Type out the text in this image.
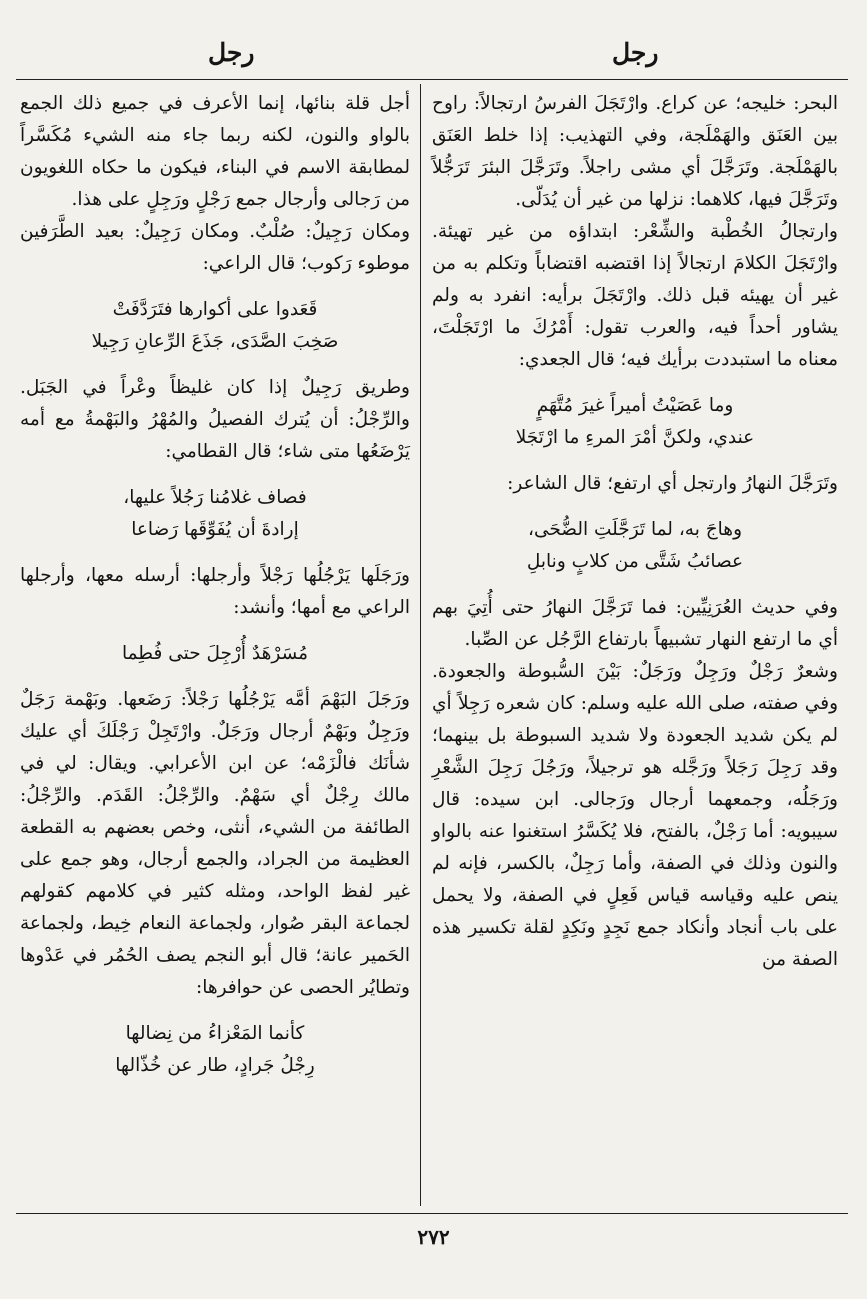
رجل
رجل

البحر: خليجه؛ عن كراع. وارْتَجَلَ الفرسُ ارتجالاً: راوح بين العَنَق والهَمْلَجة، وفي التهذيب: إذا خلط العَنَق بالهَمْلَجة. وتَرَجَّلَ أي مشى راجلاً. وتَرَجَّلَ البئرَ تَرَجُّلاً وتَرَجَّلَ فيها، كلاهما: نزلها من غير أن يُدَلّى.

وارتجالُ الخُطْبة والشِّعْر: ابتداؤه من غير تهيئة. وارْتَجَلَ الكلامَ ارتجالاً إذا اقتضبه اقتضاباً وتكلم به من غير أن يهيئه قبل ذلك. وارْتَجَلَ برأيه: انفرد به ولم يشاور أحداً فيه، والعرب تقول: أَمْرُكَ ما ارْتَجَلْتَ، معناه ما استبددت برأيك فيه؛ قال الجعدي:

وما عَصَيْتُ أميراً غيرَ مُتَّهَمٍ
عندي، ولكنَّ أمْرَ المرءِ ما ارْتَجَلا

وتَرَجَّلَ النهارُ وارتجل أي ارتفع؛ قال الشاعر:

وهاجَ به، لما تَرَجَّلَتِ الضُّحَى،
عصائبُ شَتَّى من كلابٍ ونابلِ

وفي حديث العُرَنِيِّين: فما تَرَجَّلَ النهارُ حتى أُتِيَ بهم أي ما ارتفع النهار تشبيهاً بارتفاع الرَّجُل عن الصِّبا.

وشعرٌ رَجْلٌ ورَجِلٌ ورَجَلٌ: بَيْنَ السُّبوطة والجعودة. وفي صفته، صلى الله عليه وسلم: كان شعره رَجِلاً أي لم يكن شديد الجعودة ولا شديد السبوطة بل بينهما؛ وقد رَجِلَ رَجَلاً ورَجَّله هو ترجيلاً، ورَجُلَ رَجِلَ الشَّعْرِ ورَجَلُه، وجمعهما أرجال ورَجالى. ابن سيده: قال سيبويه: أما رَجْلٌ، بالفتح، فلا يُكَسَّرُ استغنوا عنه بالواو والنون وذلك في الصفة، وأما رَجِلٌ، بالكسر، فإنه لم ينص عليه وقياسه قياس فَعِلٍ في الصفة، ولا يحمل على باب أنجاد وأنكاد جمع نَجِدٍ ونَكِدٍ لقلة تكسير هذه الصفة من

أجل قلة بنائها، إنما الأعرف في جميع ذلك الجمع بالواو والنون، لكنه ربما جاء منه الشيء مُكَسَّراً لمطابقة الاسم في البناء، فيكون ما حكاه اللغويون من رَجالى وأرجال جمع رَجْلٍ ورَجِلٍ على هذا.

ومكان رَجِيلٌ: صُلْبٌ. ومكان رَجِيلٌ: بعيد الطَّرَفين موطوء رَكوب؛ قال الراعي:

قَعَدوا على أكوارها فتَرَدَّفَتْ
صَخِبَ الصَّدَى، جَذَعَ الرِّعانِ رَجِيلا

وطريق رَجِيلٌ إذا كان غليظاً وعْراً في الجَبَل. والرِّجْلُ: أن يُترك الفصيلُ والمُهْرُ والبَهْمةُ مع أمه يَرْضَعُها متى شاء؛ قال القطامي:

فصاف غلامُنا رَجُلاً عليها،
إرادةَ أن يُفَوِّقَها رَضاعا

ورَجَلَها يَرْجُلُها رَجْلاً وأرجلها: أرسله معها، وأرجلها الراعي مع أمها؛ وأنشد:

مُسَرْهَدٌ أُرْجِلَ حتى فُطِما

ورَجَلَ البَهْمَ أمَّه يَرْجُلُها رَجْلاً: رَضَعها. وبَهْمة رَجَلٌ ورَجِلٌ وبَهْمٌ أرجال ورَجَلٌ. وارْتَجِلْ رَجْلَكَ أي عليك شأنَك فالْزَمْه؛ عن ابن الأعرابي. ويقال: لي في مالك رِجْلٌ أي سَهْمٌ. والرِّجْلُ: القَدَم. والرِّجْلُ: الطائفة من الشيء، أنثى، وخص بعضهم به القطعة العظيمة من الجراد، والجمع أرجال، وهو جمع على غير لفظ الواحد، ومثله كثير في كلامهم كقولهم لجماعة البقر صُوار، ولجماعة النعام خِيط، ولجماعة الحَمير عانة؛ قال أبو النجم يصف الحُمُر في عَدْوها وتطايُر الحصى عن حوافرها:

كأنما المَعْزاءُ من نِضالها
رِجْلُ جَرادٍ، طار عن خُذّالها
٢٧٢
